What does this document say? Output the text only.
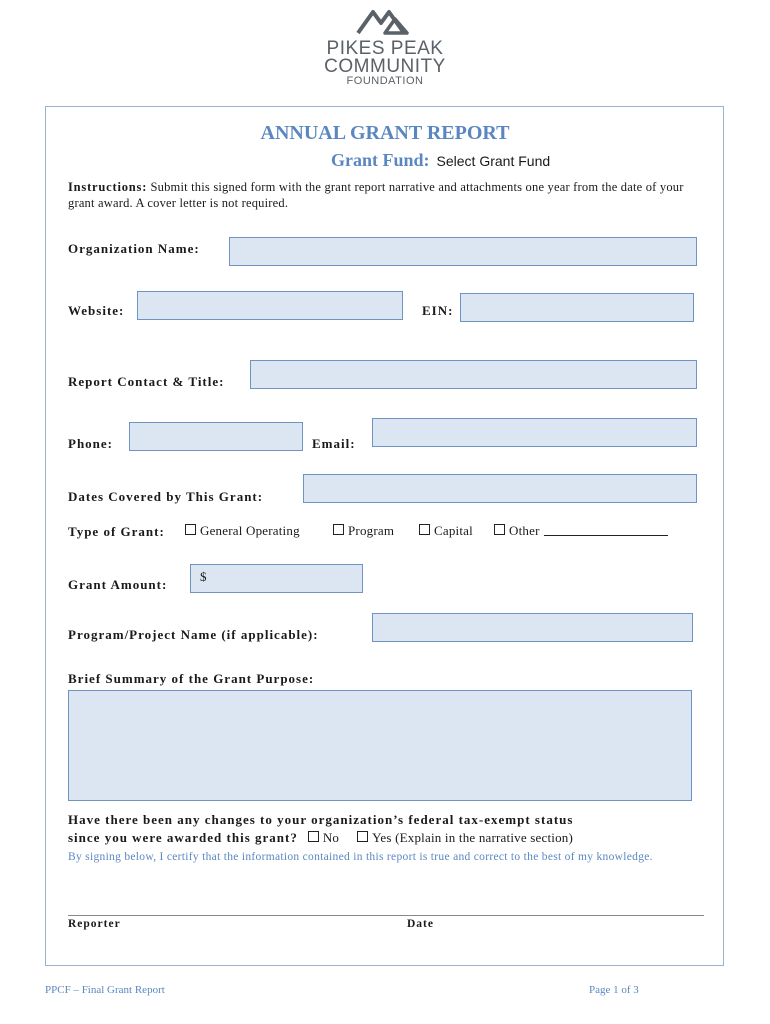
PIKES PEAK
COMMUNITY
FOUNDATION
ANNUAL GRANT REPORT
Grant Fund: Select Grant Fund
Instructions: Submit this signed form with the grant report narrative and attachments one year from the date of your grant award. A cover letter is not required.
Organization Name:
Website:	EIN:
Report Contact & Title:
Phone:	Email:
Dates Covered by This Grant:
Type of Grant:	General Operating	Program	Capital	Other
Grant Amount:
$
Program/Project Name (if applicable):
Brief Summary of the Grant Purpose:
Have there been any changes to your organization’s federal tax-exempt status
since you were awarded this grant? No	Yes (Explain in the narrative section)
By signing below, I certify that the information contained in this report is true and correct to the best of my knowledge.
Reporter	Date
PPCF – Final Grant Report	Page 1 of 3
